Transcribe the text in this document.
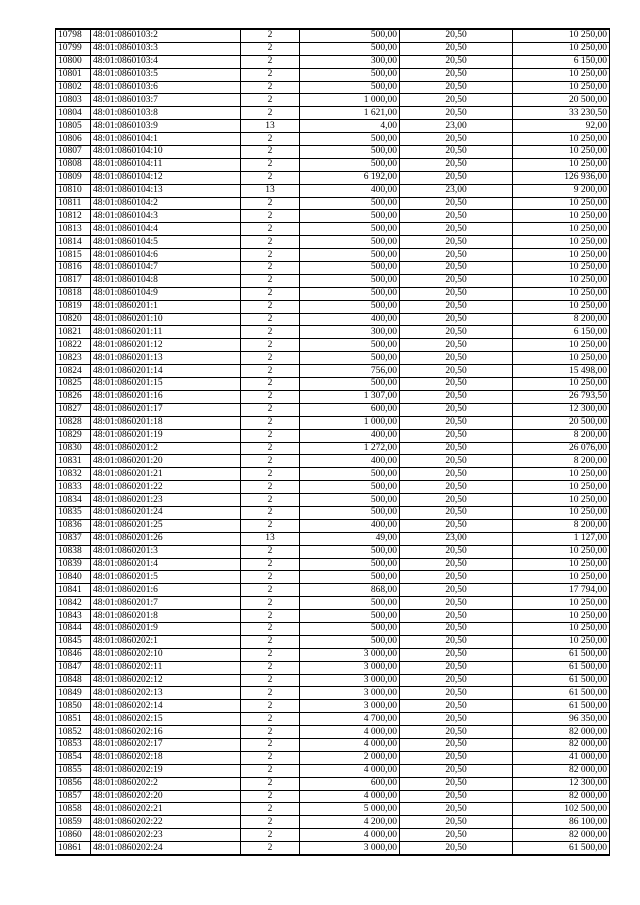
10798	48:01:0860103:2	2	500,00	20,50	10 250,00
10799	48:01:0860103:3	2	500,00	20,50	10 250,00
10800	48:01:0860103:4	2	300,00	20,50	6 150,00
10801	48:01:0860103:5	2	500,00	20,50	10 250,00
10802	48:01:0860103:6	2	500,00	20,50	10 250,00
10803	48:01:0860103:7	2	1 000,00	20,50	20 500,00
10804	48:01:0860103:8	2	1 621,00	20,50	33 230,50
10805	48:01:0860103:9	13	4,00	23,00	92,00
10806	48:01:0860104:1	2	500,00	20,50	10 250,00
10807	48:01:0860104:10	2	500,00	20,50	10 250,00
10808	48:01:0860104:11	2	500,00	20,50	10 250,00
10809	48:01:0860104:12	2	6 192,00	20,50	126 936,00
10810	48:01:0860104:13	13	400,00	23,00	9 200,00
10811	48:01:0860104:2	2	500,00	20,50	10 250,00
10812	48:01:0860104:3	2	500,00	20,50	10 250,00
10813	48:01:0860104:4	2	500,00	20,50	10 250,00
10814	48:01:0860104:5	2	500,00	20,50	10 250,00
10815	48:01:0860104:6	2	500,00	20,50	10 250,00
10816	48:01:0860104:7	2	500,00	20,50	10 250,00
10817	48:01:0860104:8	2	500,00	20,50	10 250,00
10818	48:01:0860104:9	2	500,00	20,50	10 250,00
10819	48:01:0860201:1	2	500,00	20,50	10 250,00
10820	48:01:0860201:10	2	400,00	20,50	8 200,00
10821	48:01:0860201:11	2	300,00	20,50	6 150,00
10822	48:01:0860201:12	2	500,00	20,50	10 250,00
10823	48:01:0860201:13	2	500,00	20,50	10 250,00
10824	48:01:0860201:14	2	756,00	20,50	15 498,00
10825	48:01:0860201:15	2	500,00	20,50	10 250,00
10826	48:01:0860201:16	2	1 307,00	20,50	26 793,50
10827	48:01:0860201:17	2	600,00	20,50	12 300,00
10828	48:01:0860201:18	2	1 000,00	20,50	20 500,00
10829	48:01:0860201:19	2	400,00	20,50	8 200,00
10830	48:01:0860201:2	2	1 272,00	20,50	26 076,00
10831	48:01:0860201:20	2	400,00	20,50	8 200,00
10832	48:01:0860201:21	2	500,00	20,50	10 250,00
10833	48:01:0860201:22	2	500,00	20,50	10 250,00
10834	48:01:0860201:23	2	500,00	20,50	10 250,00
10835	48:01:0860201:24	2	500,00	20,50	10 250,00
10836	48:01:0860201:25	2	400,00	20,50	8 200,00
10837	48:01:0860201:26	13	49,00	23,00	1 127,00
10838	48:01:0860201:3	2	500,00	20,50	10 250,00
10839	48:01:0860201:4	2	500,00	20,50	10 250,00
10840	48:01:0860201:5	2	500,00	20,50	10 250,00
10841	48:01:0860201:6	2	868,00	20,50	17 794,00
10842	48:01:0860201:7	2	500,00	20,50	10 250,00
10843	48:01:0860201:8	2	500,00	20,50	10 250,00
10844	48:01:0860201:9	2	500,00	20,50	10 250,00
10845	48:01:0860202:1	2	500,00	20,50	10 250,00
10846	48:01:0860202:10	2	3 000,00	20,50	61 500,00
10847	48:01:0860202:11	2	3 000,00	20,50	61 500,00
10848	48:01:0860202:12	2	3 000,00	20,50	61 500,00
10849	48:01:0860202:13	2	3 000,00	20,50	61 500,00
10850	48:01:0860202:14	2	3 000,00	20,50	61 500,00
10851	48:01:0860202:15	2	4 700,00	20,50	96 350,00
10852	48:01:0860202:16	2	4 000,00	20,50	82 000,00
10853	48:01:0860202:17	2	4 000,00	20,50	82 000,00
10854	48:01:0860202:18	2	2 000,00	20,50	41 000,00
10855	48:01:0860202:19	2	4 000,00	20,50	82 000,00
10856	48:01:0860202:2	2	600,00	20,50	12 300,00
10857	48:01:0860202:20	2	4 000,00	20,50	82 000,00
10858	48:01:0860202:21	2	5 000,00	20,50	102 500,00
10859	48:01:0860202:22	2	4 200,00	20,50	86 100,00
10860	48:01:0860202:23	2	4 000,00	20,50	82 000,00
10861	48:01:0860202:24	2	3 000,00	20,50	61 500,00
